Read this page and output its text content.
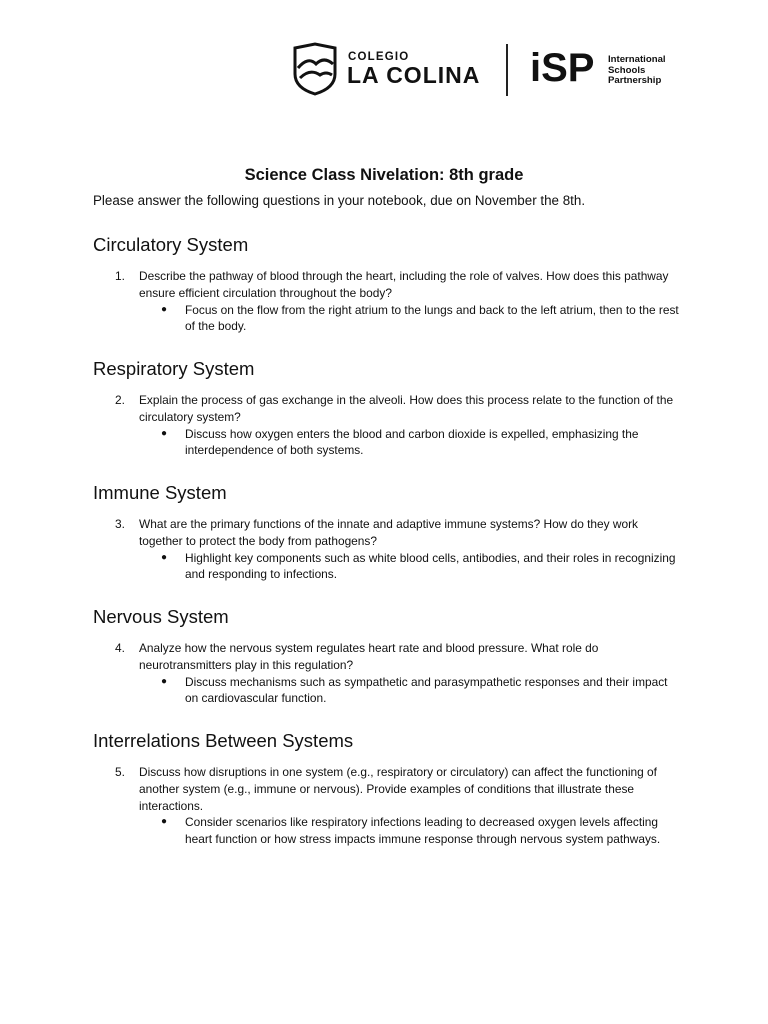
COLEGIO
LA COLINA iSP International
Schools
Partnership
Science Class Nivelation: 8th grade

Please answer the following questions in your notebook, due on November the 8th.

Circulatory System
1. Describe the pathway of blood through the heart, including the role of valves. How does this pathway ensure efficient circulation throughout the body?
● Focus on the flow from the right atrium to the lungs and back to the left atrium, then to the rest of the body.
Respiratory System
2. Explain the process of gas exchange in the alveoli. How does this process relate to the function of the circulatory system?
● Discuss how oxygen enters the blood and carbon dioxide is expelled, emphasizing the interdependence of both systems.
Immune System
3. What are the primary functions of the innate and adaptive immune systems? How do they work together to protect the body from pathogens?
● Highlight key components such as white blood cells, antibodies, and their roles in recognizing and responding to infections.
Nervous System
4. Analyze how the nervous system regulates heart rate and blood pressure. What role do neurotransmitters play in this regulation?
● Discuss mechanisms such as sympathetic and parasympathetic responses and their impact on cardiovascular function.
Interrelations Between Systems
5. Discuss how disruptions in one system (e.g., respiratory or circulatory) can affect the functioning of another system (e.g., immune or nervous). Provide examples of conditions that illustrate these interactions.
● Consider scenarios like respiratory infections leading to decreased oxygen levels affecting heart function or how stress impacts immune response through nervous system pathways.
